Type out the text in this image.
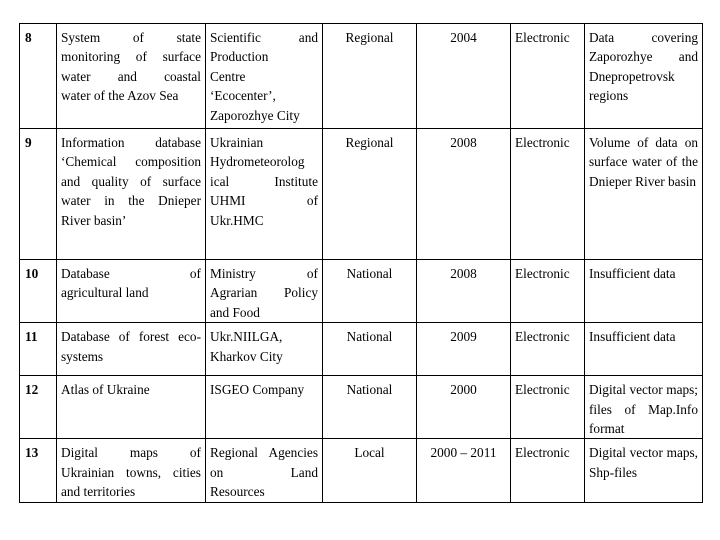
8	System of state
monitoring of surface
water and coastal
water of the Azov Sea	Scientific and
Production
Centre
‘Ecocenter’,
Zaporozhye City	Regional	2004	Electronic	Data covering
Zaporozhye and
Dnepropetrovsk
regions

9	Information database
‘Chemical composition
and quality of surface
water in the Dnieper
River basin’	Ukrainian
Hydrometeorolog
ical Institute
UHMI of
Ukr.HMC	Regional	2008	Electronic	Volume of data on
surface water of the
Dnieper River basin

10	Database of
agricultural land	Ministry of
Agrarian Policy
and Food	National	2008	Electronic	Insufficient data

11	Database of forest eco-
systems	Ukr.NIILGA,
Kharkov City	National	2009	Electronic	Insufficient data

12	Atlas of Ukraine	ISGEO Company	National	2000	Electronic	Digital vector maps;
files of Map.Info
format

13	Digital maps of
Ukrainian towns, cities
and territories	Regional Agencies
on Land
Resources	Local	2000 – 2011	Electronic	Digital vector maps,
Shp-files
